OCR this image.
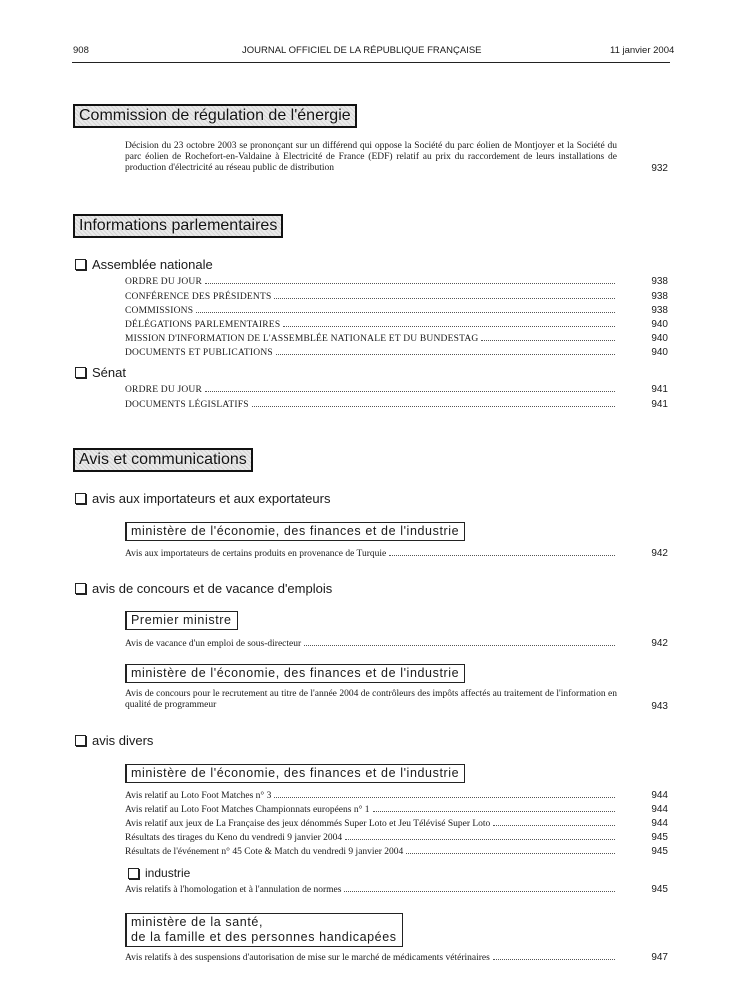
908	JOURNAL OFFICIEL DE LA RÉPUBLIQUE FRANÇAISE	11 janvier 2004
Commission de régulation de l'énergie
Décision du 23 octobre 2003 se prononçant sur un différend qui oppose la Société du parc éolien de Montjoyer et la Société du parc éolien de Rochefort-en-Valdaine à Electricité de France (EDF) relatif au prix du raccordement de leurs installations de production d'électricité au réseau public de distribution	932
Informations parlementaires
Assemblée nationale
ORDRE DU JOUR	938
CONFÉRENCE DES PRÉSIDENTS	938
COMMISSIONS	938
DÉLÉGATIONS PARLEMENTAIRES	940
MISSION D'INFORMATION DE L'ASSEMBLÉE NATIONALE ET DU BUNDESTAG	940
DOCUMENTS ET PUBLICATIONS	940
Sénat
ORDRE DU JOUR	941
DOCUMENTS LÉGISLATIFS	941
Avis et communications
avis aux importateurs et aux exportateurs
ministère de l'économie, des finances et de l'industrie
Avis aux importateurs de certains produits en provenance de Turquie	942
avis de concours et de vacance d'emplois
Premier ministre
Avis de vacance d'un emploi de sous-directeur	942
ministère de l'économie, des finances et de l'industrie
Avis de concours pour le recrutement au titre de l'année 2004 de contrôleurs des impôts affectés au traitement de l'information en qualité de programmeur	943
avis divers
ministère de l'économie, des finances et de l'industrie
Avis relatif au Loto Foot Matches n° 3	944
Avis relatif au Loto Foot Matches Championnats européens n° 1	944
Avis relatif aux jeux de La Française des jeux dénommés Super Loto et Jeu Télévisé Super Loto	944
Résultats des tirages du Keno du vendredi 9 janvier 2004	945
Résultats de l'événement n° 45 Cote & Match du vendredi 9 janvier 2004	945
industrie
Avis relatifs à l'homologation et à l'annulation de normes	945
ministère de la santé,
de la famille et des personnes handicapées
Avis relatifs à des suspensions d'autorisation de mise sur le marché de médicaments vétérinaires	947
